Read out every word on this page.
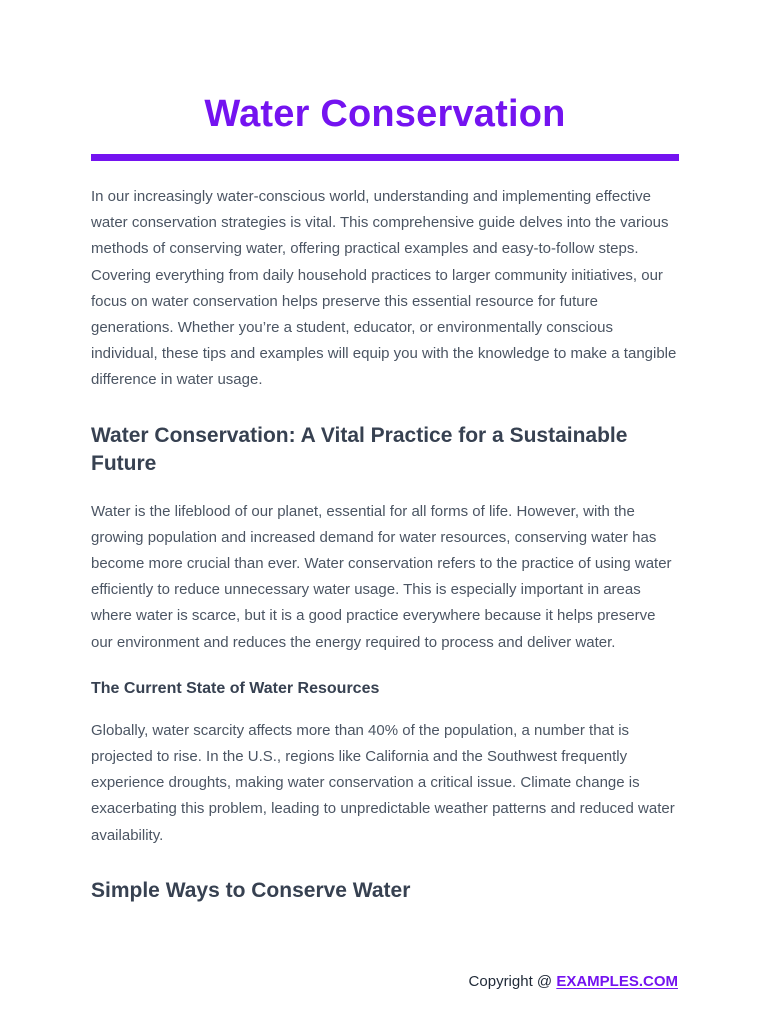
Water Conservation

In our increasingly water-conscious world, understanding and implementing effective water conservation strategies is vital. This comprehensive guide delves into the various methods of conserving water, offering practical examples and easy-to-follow steps. Covering everything from daily household practices to larger community initiatives, our focus on water conservation helps preserve this essential resource for future generations. Whether you’re a student, educator, or environmentally conscious individual, these tips and examples will equip you with the knowledge to make a tangible difference in water usage.

Water Conservation: A Vital Practice for a Sustainable Future

Water is the lifeblood of our planet, essential for all forms of life. However, with the growing population and increased demand for water resources, conserving water has become more crucial than ever. Water conservation refers to the practice of using water efficiently to reduce unnecessary water usage. This is especially important in areas where water is scarce, but it is a good practice everywhere because it helps preserve our environment and reduces the energy required to process and deliver water.

The Current State of Water Resources

Globally, water scarcity affects more than 40% of the population, a number that is projected to rise. In the U.S., regions like California and the Southwest frequently experience droughts, making water conservation a critical issue. Climate change is exacerbating this problem, leading to unpredictable weather patterns and reduced water availability.

Simple Ways to Conserve Water
Copyright @ EXAMPLES.COM
